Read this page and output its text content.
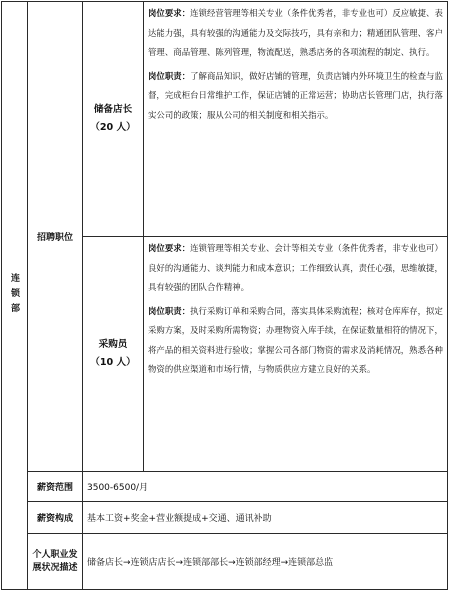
连锁部
招聘职位
储备店长
（20 人）

岗位要求：连锁经营管理等相关专业（条件优秀者，非专业也可）反应敏捷、表达能力强，具有较强的沟通能力及交际技巧，具有亲和力；精通团队管理、客户管理、商品管理、陈列管理，物流配送，熟悉店务的各项流程的制定、执行。

岗位职责：了解商品知识，做好店铺的管理，负责店铺内外环境卫生的检查与监督，完成柜台日常维护工作，保证店铺的正常运营；协助店长管理门店，执行落实公司的政策；服从公司的相关制度和相关指示。

采购员
（10 人）

岗位要求：连锁管理等相关专业、会计等相关专业（条件优秀者，非专业也可）良好的沟通能力、谈判能力和成本意识；工作细致认真，责任心强，思维敏捷，具有较强的团队合作精神。

岗位职责：执行采购订单和采购合同，落实具体采购流程；核对仓库库存，拟定采购方案，及时采购所需物资；办理物资入库手续，在保证数量相符的情况下，将产品的相关资料进行验收；掌握公司各部门物资的需求及消耗情况，熟悉各种物资的供应渠道和市场行情，与物质供应方建立良好的关系。

薪资范围 3500-6500/月
薪资构成 基本工资+奖金+营业额提成+交通、通讯补助
个人职业发展状况描述 储备店长→连锁店店长→连锁部部长→连锁部经理→连锁部总监
